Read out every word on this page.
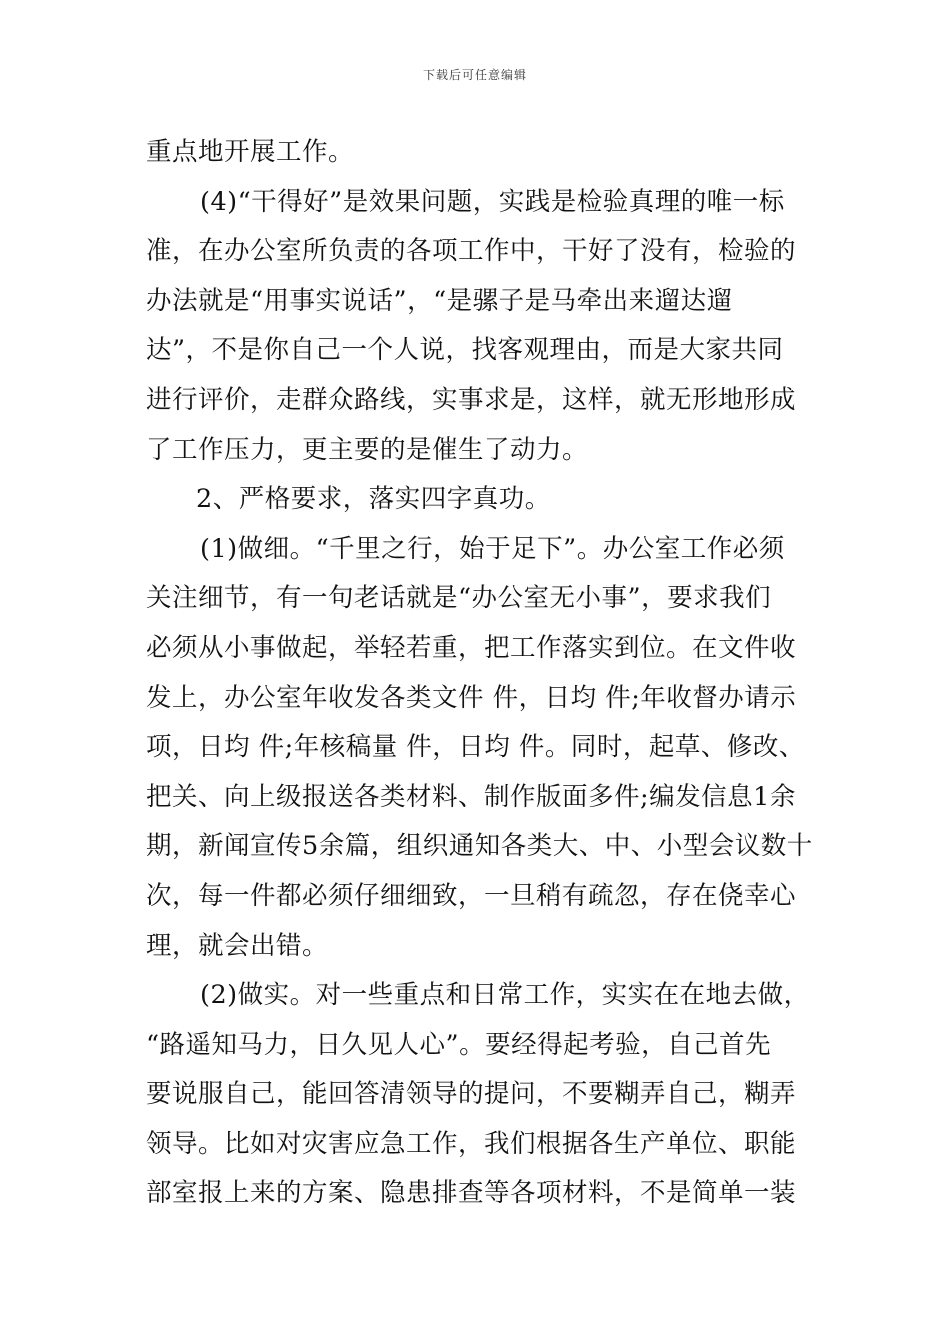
下载后可任意编辑
重点地开展工作。
(4)“干得好”是效果问题，实践是检验真理的唯一标
准，在办公室所负责的各项工作中，干好了没有，检验的
办法就是“用事实说话”，“是骡子是马牵出来遛达遛
达”，不是你自己一个人说，找客观理由，而是大家共同
进行评价，走群众路线，实事求是，这样，就无形地形成
了工作压力，更主要的是催生了动力。
2、严格要求，落实四字真功。
(1)做细。“千里之行，始于足下”。办公室工作必须
关注细节，有一句老话就是“办公室无小事”，要求我们
必须从小事做起，举轻若重，把工作落实到位。在文件收
发上，办公室年收发各类文件 件，日均 件;年收督办请示
项，日均 件;年核稿量 件，日均 件。同时，起草、修改、
把关、向上级报送各类材料、制作版面多件;编发信息1余
期，新闻宣传5余篇，组织通知各类大、中、小型会议数十
次，每一件都必须仔细细致，一旦稍有疏忽，存在侥幸心
理，就会出错。
(2)做实。对一些重点和日常工作，实实在在地去做，
“路遥知马力，日久见人心”。要经得起考验，自己首先
要说服自己，能回答清领导的提问，不要糊弄自己，糊弄
领导。比如对灾害应急工作，我们根据各生产单位、职能
部室报上来的方案、隐患排查等各项材料，不是简单一装
